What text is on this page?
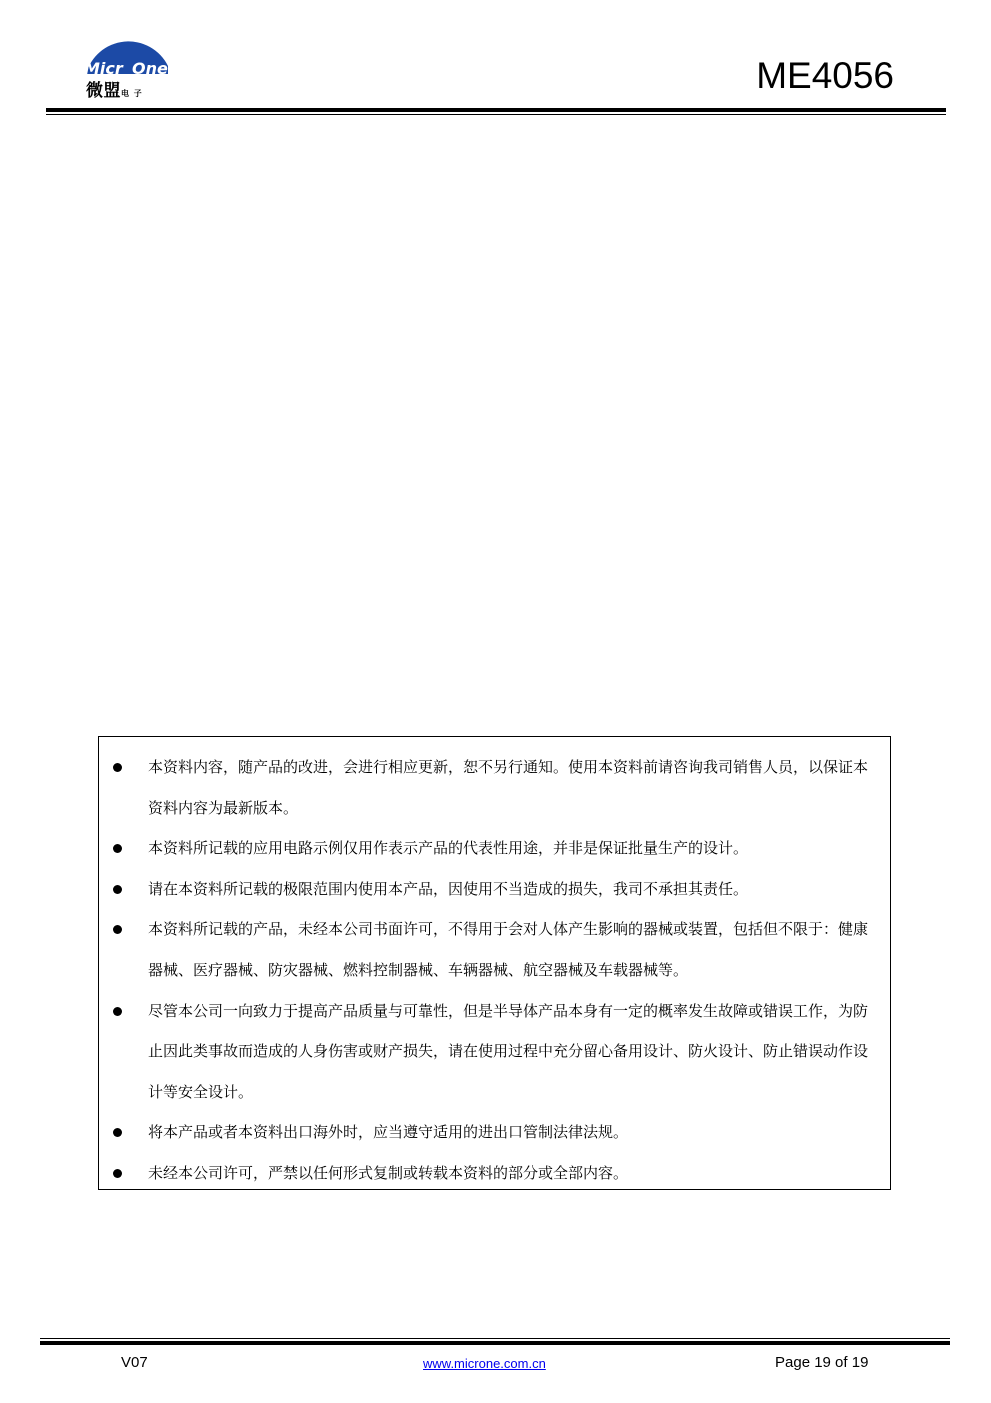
Micr One
微盟电 子	ME4056
本资料内容，随产品的改进，会进行相应更新，恕不另行通知。使用本资料前请咨询我司销售人员，以保证本资料内容为最新版本。
本资料所记载的应用电路示例仅用作表示产品的代表性用途，并非是保证批量生产的设计。
请在本资料所记载的极限范围内使用本产品，因使用不当造成的损失，我司不承担其责任。
本资料所记载的产品，未经本公司书面许可，不得用于会对人体产生影响的器械或装置，包括但不限于：健康器械、医疗器械、防灾器械、燃料控制器械、车辆器械、航空器械及车载器械等。
尽管本公司一向致力于提高产品质量与可靠性，但是半导体产品本身有一定的概率发生故障或错误工作，为防止因此类事故而造成的人身伤害或财产损失，请在使用过程中充分留心备用设计、防火设计、防止错误动作设计等安全设计。
将本产品或者本资料出口海外时，应当遵守适用的进出口管制法律法规。
未经本公司许可，严禁以任何形式复制或转载本资料的部分或全部内容。
V07	www.microne.com.cn	Page 19 of 19
